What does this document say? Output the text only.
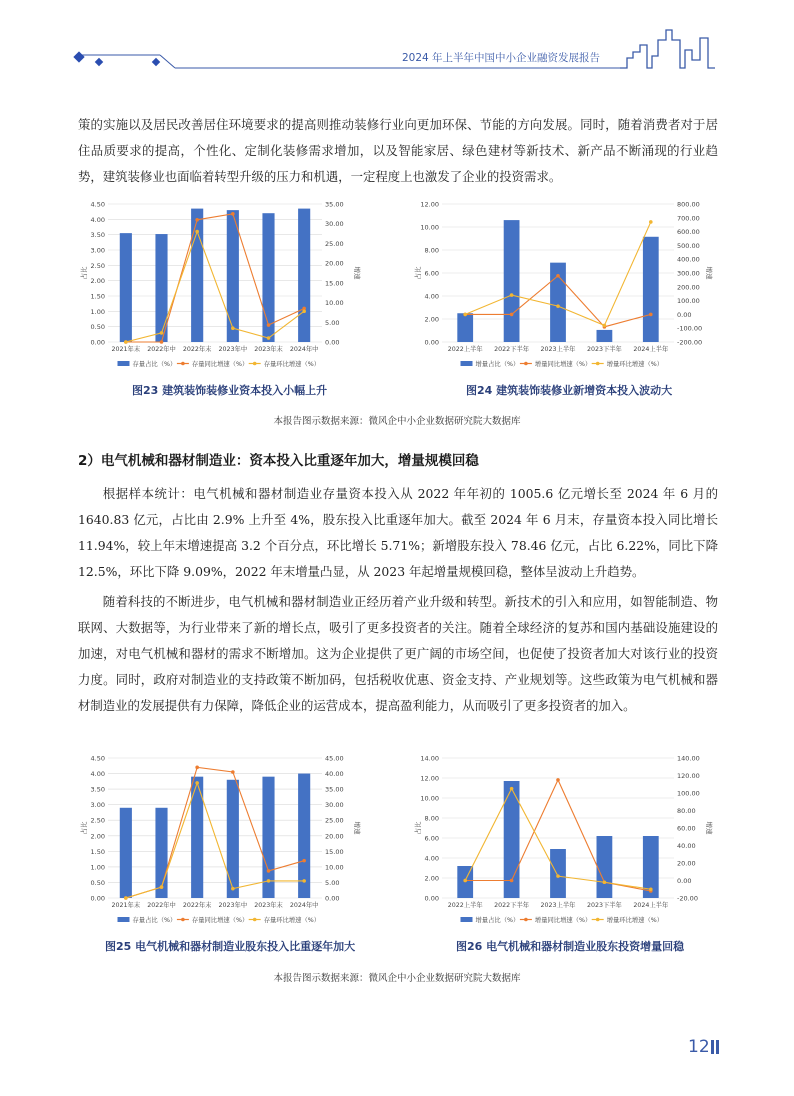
2024 年上半年中国中小企业融资发展报告

策的实施以及居民改善居住环境要求的提高则推动装修行业向更加环保、节能的方向发展。同时，随着消费者对于居住品质要求的提高，个性化、定制化装修需求增加，以及智能家居、绿色建材等新技术、新产品不断涌现的行业趋势，建筑装修业也面临着转型升级的压力和机遇，一定程度上也激发了企业的投资需求。

0.00
0.50
1.00
1.50
2.00
2.50
3.00
3.50
4.00
4.50
0.00
5.00
10.00
15.00
20.00
25.00
30.00
35.00
占比	增速
2021年末 2022年中 2022年末 2023年中 2023年末 2024年中
存量占比（%） 存量同比增速（%） 存量环比增速（%）
0.00
2.00
4.00
6.00
8.00
10.00
12.00
-200.00
-100.00
0.00
100.00
200.00
300.00
400.00
500.00
600.00
700.00
800.00
占比	增速
2022上半年 2022下半年 2023上半年 2023下半年 2024上半年
增量占比（%） 增量同比增速（%） 增量环比增速（%）
图23 建筑装饰装修业资本投入小幅上升	图24 建筑装饰装修业新增资本投入波动大
本报告图示数据来源：微风企中小企业数据研究院大数据库
2）电气机械和器材制造业：资本投入比重逐年加大，增量规模回稳

根据样本统计：电气机械和器材制造业存量资本投入从 2022 年年初的 1005.6 亿元增长至 2024 年 6 月的 1640.83 亿元，占比由 2.9% 上升至 4%，股东投入比重逐年加大。截至 2024 年 6 月末，存量资本投入同比增长 11.94%，较上年末增速提高 3.2 个百分点，环比增长 5.71%；新增股东投入 78.46 亿元，占比 6.22%，同比下降 12.5%，环比下降 9.09%，2022 年末增量凸显，从 2023 年起增量规模回稳，整体呈波动上升趋势。

随着科技的不断进步，电气机械和器材制造业正经历着产业升级和转型。新技术的引入和应用，如智能制造、物联网、大数据等，为行业带来了新的增长点，吸引了更多投资者的关注。随着全球经济的复苏和国内基础设施建设的加速，对电气机械和器材的需求不断增加。这为企业提供了更广阔的市场空间，也促使了投资者加大对该行业的投资力度。同时，政府对制造业的支持政策不断加码，包括税收优惠、资金支持、产业规划等。这些政策为电气机械和器材制造业的发展提供有力保障，降低企业的运营成本，提高盈利能力，从而吸引了更多投资者的加入。

0.00
0.50
1.00
1.50
2.00
2.50
3.00
3.50
4.00
4.50
0.00
5.00
10.00
15.00
20.00
25.00
30.00
35.00
40.00
45.00
占比	增速
2021年末 2022年中 2022年末 2023年中 2023年末 2024年中
存量占比（%） 存量同比增速（%） 存量环比增速（%）
0.00
2.00
4.00
6.00
8.00
10.00
12.00
14.00
-20.00
0.00
20.00
40.00
60.00
80.00
100.00
120.00
140.00
占比	增速
2022上半年 2022下半年 2023上半年 2023下半年 2024上半年
增量占比（%） 增量同比增速（%） 增量环比增速（%）
图25 电气机械和器材制造业股东投入比重逐年加大	图26 电气机械和器材制造业股东投资增量回稳
本报告图示数据来源：微风企中小企业数据研究院大数据库
12
